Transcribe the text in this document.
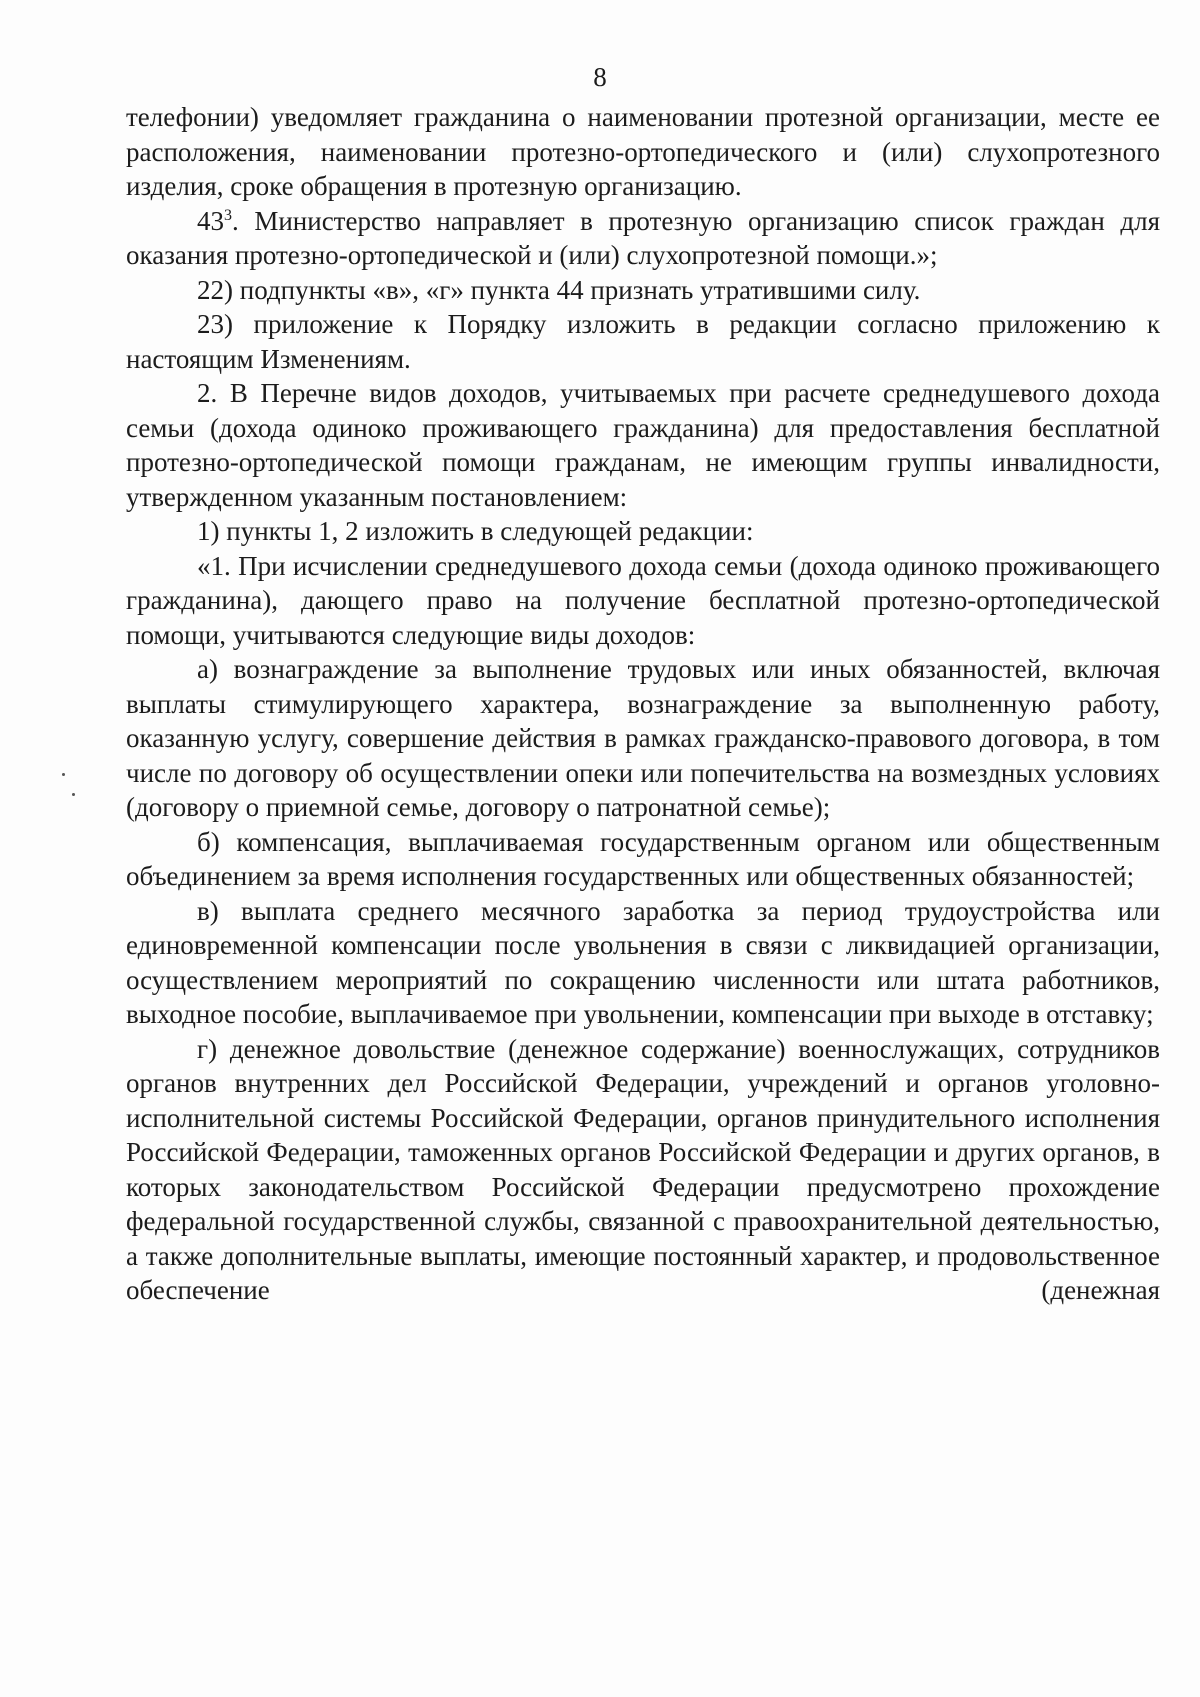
8

телефонии) уведомляет гражданина о наименовании протезной организации, месте ее расположения, наименовании протезно-ортопедического и (или) слухопротезного изделия, сроке обращения в протезную организацию.

$43^3$. Министерство направляет в протезную организацию список граждан для оказания протезно-ортопедической и (или) слухопротезной помощи.»;

22) подпункты «в», «г» пункта 44 признать утратившими силу.

23) приложение к Порядку изложить в редакции согласно приложению к настоящим Изменениям.

2. В Перечне видов доходов, учитываемых при расчете среднедушевого дохода семьи (дохода одиноко проживающего гражданина) для предоставления бесплатной протезно-ортопедической помощи гражданам, не имеющим группы инвалидности, утвержденном указанным постановлением:

1) пункты 1, 2 изложить в следующей редакции:

«1. При исчислении среднедушевого дохода семьи (дохода одиноко проживающего гражданина), дающего право на получение бесплатной протезно-ортопедической помощи, учитываются следующие виды доходов:

а) вознаграждение за выполнение трудовых или иных обязанностей, включая выплаты стимулирующего характера, вознаграждение за выполненную работу, оказанную услугу, совершение действия в рамках гражданско-правового договора, в том числе по договору об осуществлении опеки или попечительства на возмездных условиях (договору о приемной семье, договору о патронатной семье);

б) компенсация, выплачиваемая государственным органом или общественным объединением за время исполнения государственных или общественных обязанностей;

в) выплата среднего месячного заработка за период трудоустройства или единовременной компенсации после увольнения в связи с ликвидацией организации, осуществлением мероприятий по сокращению численности или штата работников, выходное пособие, выплачиваемое при увольнении, компенсации при выходе в отставку;

г) денежное довольствие (денежное содержание) военнослужащих, сотрудников органов внутренних дел Российской Федерации, учреждений и органов уголовно-исполнительной системы Российской Федерации, органов принудительного исполнения Российской Федерации, таможенных органов Российской Федерации и других органов, в которых законодательством Российской Федерации предусмотрено прохождение федеральной государственной службы, связанной с правоохранительной деятельностью, а также дополнительные выплаты, имеющие постоянный характер, и продовольственное обеспечение (денежная
